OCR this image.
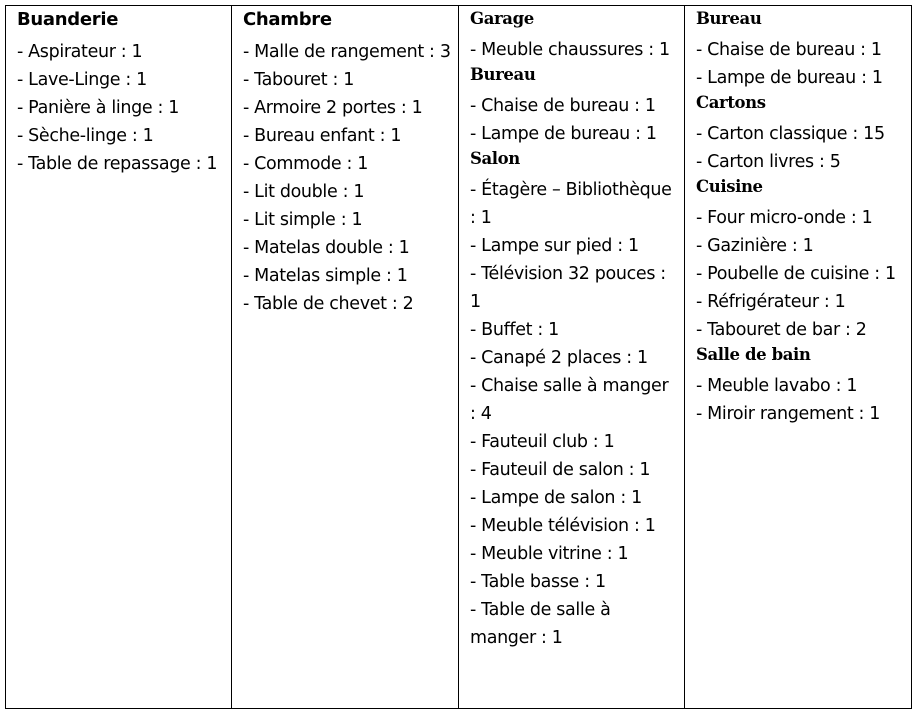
Buanderie
- Aspirateur : 1
- Lave-Linge : 1
- Panière à linge : 1
- Sèche-linge : 1
- Table de repassage : 1

Chambre
- Malle de rangement : 3
- Tabouret : 1
- Armoire 2 portes : 1
- Bureau enfant : 1
- Commode : 1
- Lit double : 1
- Lit simple : 1
- Matelas double : 1
- Matelas simple : 1
- Table de chevet : 2

Garage
- Meuble chaussures : 1
Bureau
- Chaise de bureau : 1
- Lampe de bureau : 1
Salon
- Étagère – Bibliothèque : 1
- Lampe sur pied : 1
- Télévision 32 pouces : 1
- Buffet : 1
- Canapé 2 places : 1
- Chaise salle à manger : 4
- Fauteuil club : 1
- Fauteuil de salon : 1
- Lampe de salon : 1
- Meuble télévision : 1
- Meuble vitrine : 1
- Table basse : 1
- Table de salle à manger : 1

Bureau
- Chaise de bureau : 1
- Lampe de bureau : 1
Cartons
- Carton classique : 15
- Carton livres : 5
Cuisine
- Four micro-onde : 1
- Gazinière : 1
- Poubelle de cuisine : 1
- Réfrigérateur : 1
- Tabouret de bar : 2
Salle de bain
- Meuble lavabo : 1
- Miroir rangement : 1
